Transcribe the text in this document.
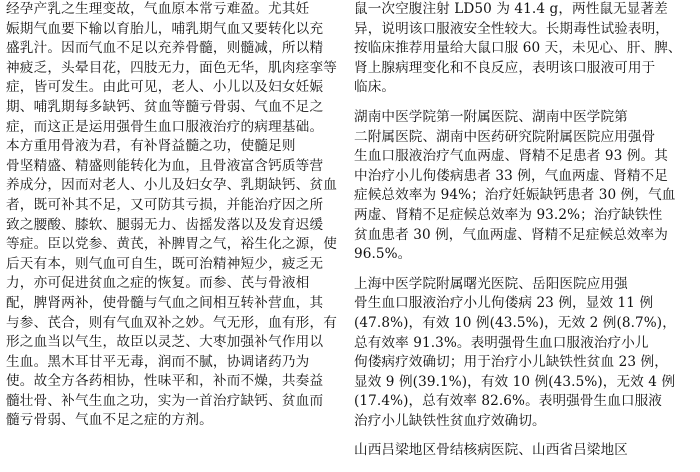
经孕产乳之生理变故，气血原本常亏难盈。尤其妊
娠期气血要下输以育胎儿，哺乳期气血又要转化以充
盛乳汁。因而气血不足以充养骨髓，则髓减，所以精
神疲乏，头晕目花，四肢无力，面色无华，肌肉痉挛等
症，皆可发生。由此可见，老人、小儿以及妇女妊娠
期、哺乳期每多缺钙、贫血等髓亏骨弱、气血不足之
症，而这正是运用强骨生血口服液治疗的病理基础。
本方重用骨液为君，有补肾益髓之功，使髓足则
骨坚精盛、精盛则能转化为血，且骨液富含钙质等营
养成分，因而对老人、小儿及妇女孕、乳期缺钙、贫血
者，既可补其不足，又可防其亏损，并能治疗因之所
致之腰酸、膝软、腿弱无力、齿摇发落以及发育迟缓
等症。臣以党参、黄芪，补脾胃之气，裕生化之源，使
后天有本，则气血可自生，既可治精神短少，疲乏无
力，亦可促进贫血之症的恢复。而参、芪与骨液相
配，脾肾两补，使骨髓与气血之间相互转补营血，其
与参、芪合，则有气血双补之妙。气无形，血有形，有
形之血当以气生，故臣以灵芝、大枣加强补气作用以
生血。黑木耳甘平无毒，润而不腻，协调诸药乃为
使。故全方各药相协，性味平和，补而不燥，共奏益
髓壮骨、补气生血之功，实为一首治疗缺钙、贫血而
髓亏骨弱、气血不足之症的方剂。
鼠一次空腹注射 LD50 为 41.4 g，两性鼠无显著差
异，说明该口服液安全性较大。长期毒性试验表明，
按临床推荐用量给大鼠口服 60 天，未见心、肝、脾、
肾上腺病理变化和不良反应，表明该口服液可用于
临床。
湖南中医学院第一附属医院、湖南中医学院第
二附属医院、湖南中医药研究院附属医院应用强骨
生血口服液治疗气血两虚、肾精不足患者 93 例。其
中治疗小儿佝偻病患者 33 例，气血两虚、肾精不足
症候总效率为 94%；治疗妊娠缺钙患者 30 例，气血
两虚、肾精不足症候总效率为 93.2%；治疗缺铁性
贫血患者 30 例，气血两虚、肾精不足症候总效率为
96.5%。
上海中医学院附属曙光医院、岳阳医院应用强
骨生血口服液治疗小儿佝偻病 23 例，显效 11 例
(47.8%)，有效 10 例(43.5%)，无效 2 例(8.7%)，
总有效率 91.3%。表明强骨生血口服液治疗小儿
佝偻病疗效确切；用于治疗小儿缺铁性贫血 23 例，
显效 9 例(39.1%)，有效 10 例(43.5%)，无效 4 例
(17.4%)，总有效率 82.6%。表明强骨生血口服液
治疗小儿缺铁性贫血疗效确切。
山西吕梁地区骨结核病医院、山西省吕梁地区
